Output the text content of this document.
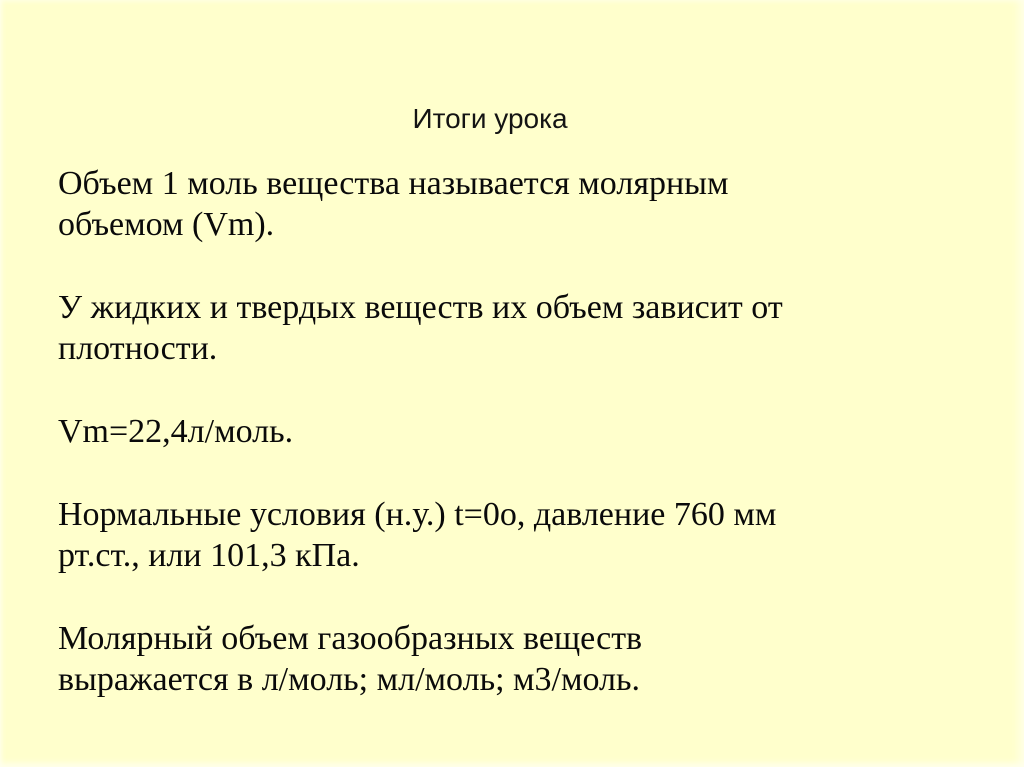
Итоги урока

Объем 1 моль вещества называется молярным
объемом (Vm).

У жидких и твердых веществ их объем зависит от
плотности.

Vm=22,4л/моль.

Нормальные условия (н.у.) t=0о, давление 760 мм
рт.ст., или 101,3 кПа.

Молярный объем газообразных веществ
выражается в л/моль; мл/моль; м3/моль.
